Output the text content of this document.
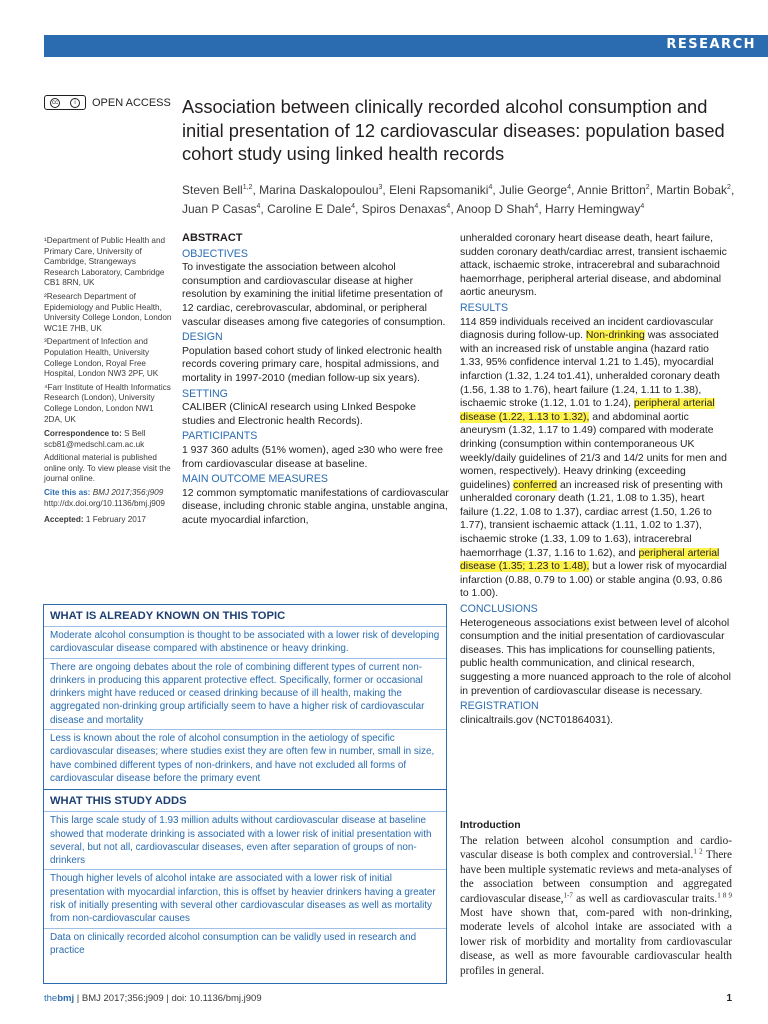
RESEARCH
cc	i	OPEN ACCESS Association between clinically recorded alcohol consumption and initial presentation of 12 cardiovascular diseases: population based cohort study using linked health records
Steven Bell$^{1,2}$, Marina Daskalopoulou$^3$, Eleni Rapsomaniki$^4$, Julie George$^4$, Annie Britton$^2$, Martin Bobak$^2$, Juan P Casas$^4$, Caroline E Dale$^4$, Spiros Denaxas$^4$, Anoop D Shah$^4$, Harry Hemingway$^4$

¹Department of Public Health and Primary Care, University of Cambridge, Strangeways Research Laboratory, Cambridge CB1 8RN, UK

²Research Department of Epidemiology and Public Health, University College London, London WC1E 7HB, UK

³Department of Infection and Population Health, University College London, Royal Free Hospital, London NW3 2PF, UK

⁴Farr Institute of Health Informatics Research (London), University College London, London NW1 2DA, UK

Correspondence to: S Bell
scb81@medschl.cam.ac.uk

Additional material is published online only. To view please visit the journal online.

Cite this as: BMJ 2017;356:j909
http://dx.doi.org/10.1136/bmj.j909

Accepted: 1 February 2017

ABSTRACT

OBJECTIVES

To investigate the association between alcohol consumption and cardiovascular disease at higher resolution by examining the initial lifetime presentation of 12 cardiac, cerebrovascular, abdominal, or peripheral vascular diseases among five categories of consumption.

DESIGN

Population based cohort study of linked electronic health records covering primary care, hospital admissions, and mortality in 1997-2010 (median follow-up six years).

SETTING

CALIBER (ClinicAl research using LInked Bespoke studies and Electronic health Records).

PARTICIPANTS

1 937 360 adults (51% women), aged ≥30 who were free from cardiovascular disease at baseline.

MAIN OUTCOME MEASURES

12 common symptomatic manifestations of cardiovascular disease, including chronic stable angina, unstable angina, acute myocardial infarction,

unheralded coronary heart disease death, heart failure, sudden coronary death/cardiac arrest, transient ischaemic attack, ischaemic stroke, intracerebral and subarachnoid haemorrhage, peripheral arterial disease, and abdominal aortic aneurysm.

RESULTS

114 859 individuals received an incident cardiovascular diagnosis during follow-up. Non-drinking was associated with an increased risk of unstable angina (hazard ratio 1.33, 95% confidence interval 1.21 to 1.45), myocardial infarction (1.32, 1.24 to1.41), unheralded coronary death (1.56, 1.38 to 1.76), heart failure (1.24, 1.11 to 1.38), ischaemic stroke (1.12, 1.01 to 1.24), peripheral arterial disease (1.22, 1.13 to 1.32), and abdominal aortic aneurysm (1.32, 1.17 to 1.49) compared with moderate drinking (consumption within contemporaneous UK weekly/daily guidelines of 21/3 and 14/2 units for men and women, respectively). Heavy drinking (exceeding guidelines) conferred an increased risk of presenting with unheralded coronary death (1.21, 1.08 to 1.35), heart failure (1.22, 1.08 to 1.37), cardiac arrest (1.50, 1.26 to 1.77), transient ischaemic attack (1.11, 1.02 to 1.37), ischaemic stroke (1.33, 1.09 to 1.63), intracerebral haemorrhage (1.37, 1.16 to 1.62), and peripheral arterial disease (1.35; 1.23 to 1.48), but a lower risk of myocardial infarction (0.88, 0.79 to 1.00) or stable angina (0.93, 0.86 to 1.00).

CONCLUSIONS

Heterogeneous associations exist between level of alcohol consumption and the initial presentation of cardiovascular diseases. This has implications for counselling patients, public health communication, and clinical research, suggesting a more nuanced approach to the role of alcohol in prevention of cardiovascular disease is necessary.

REGISTRATION

clinicaltrails.gov (NCT01864031).

WHAT IS ALREADY KNOWN ON THIS TOPIC
Moderate alcohol consumption is thought to be associated with a lower risk of developing cardiovascular disease compared with abstinence or heavy drinking.
There are ongoing debates about the role of combining different types of current non-drinkers in producing this apparent protective effect. Specifically, former or occasional drinkers might have reduced or ceased drinking because of ill health, making the aggregated non-drinking group artificially seem to have a higher risk of cardiovascular disease and mortality
Less is known about the role of alcohol consumption in the aetiology of specific cardiovascular diseases; where studies exist they are often few in number, small in size, have combined different types of non-drinkers, and have not excluded all forms of cardiovascular disease before the primary event
WHAT THIS STUDY ADDS
This large scale study of 1.93 million adults without cardiovascular disease at baseline showed that moderate drinking is associated with a lower risk of initial presentation with several, but not all, cardiovascular diseases, even after separation of groups of non-drinkers
Though higher levels of alcohol intake are associated with a lower risk of initial presentation with myocardial infarction, this is offset by heavier drinkers having a greater risk of initially presenting with several other cardiovascular diseases as well as mortality from non-cardiovascular causes
Data on clinically recorded alcohol consumption can be validly used in research and practice

Introduction

The relation between alcohol consumption and cardio-vascular disease is both complex and controversial.$^{1 2}$ There have been multiple systematic reviews and meta-analyses of the association between consumption and aggregated cardiovascular disease,$^{1-7}$ as well as cardiovascular traits.$^{1 8 9}$ Most have shown that, com-pared with non-drinking, moderate levels of alcohol intake are associated with a lower risk of morbidity and mortality from cardiovascular disease, as well as more favourable cardiovascular health profiles in general.

thebmj | BMJ 2017;356:j909 | doi: 10.1136/bmj.j909	1
